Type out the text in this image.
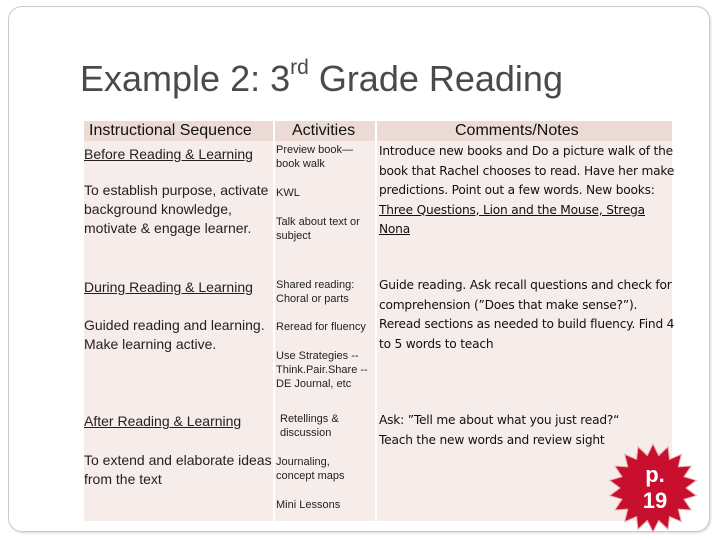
Example 2: 3rd Grade Reading
Instructional Sequence	Activities	Comments/Notes
Before Reading & Learning
To establish purpose, activate background knowledge, motivate & engage learner.
Preview book— book walk
KWL
Talk about text or subject
Introduce new books and Do a picture walk of the book that Rachel chooses to read. Have her make predictions. Point out a few words. New books: Three Questions, Lion and the Mouse, Strega Nona
During Reading & Learning
Guided reading and learning. Make learning active.
Shared reading: Choral or parts
Reread for fluency
Use Strategies --Think.Pair.Share --DE Journal, etc
Guide reading. Ask recall questions and check for comprehension (”Does that make sense?”). Reread sections as needed to build fluency. Find 4 to 5 words to teach
After Reading & Learning
To extend and elaborate ideas from the text
Retellings & discussion
Journaling, concept maps
Mini Lessons
Ask: ”Tell me about what you just read?“ Teach the new words and review sight
p.
19
